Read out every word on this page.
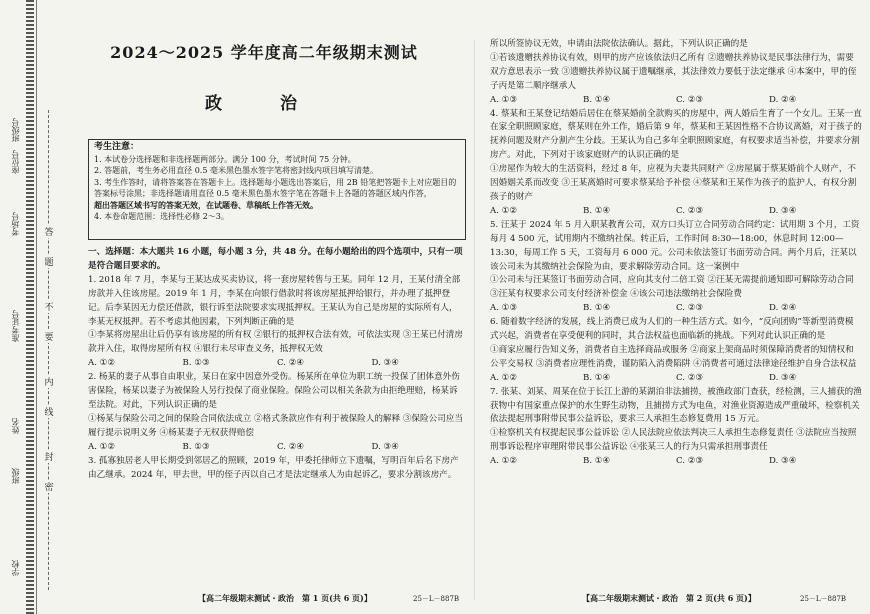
班级号
座位号
考场号
准考证号
姓名
班级
学校
答
题
不
要
内
线
封
密
2024～2025 学年度高二年级期末测试
政 治
考生注意：
1. 本试卷分选择题和非选择题两部分。满分 100 分，考试时间 75 分钟。
2. 答题前，考生务必用直径 0.5 毫米黑色墨水签字笔将密封线内项目填写清楚。
3. 考生作答时，请将答案答在答题卡上。选择题每小题选出答案后，用 2B 铅笔把答题卡上对应题目的答案标号涂黑；非选择题请用直径 0.5 毫米黑色墨水签字笔在答题卡上各题的答题区域内作答，
超出答题区域书写的答案无效，在试题卷、草稿纸上作答无效。
4. 本卷命题范围：选择性必修 2～3。

一、选择题：本大题共 16 小题，每小题 3 分，共 48 分。在每小题给出的四个选项中，只有一项是符合题目要求的。

1. 2018 年 7 月，李某与王某达成买卖协议，将一套房屋转售与王某。同年 12 月，王某付清全部房款并入住该房屋。2019 年 1 月，李某在向银行借款时将该房屋抵押给银行，并办理了抵押登记。后李某因无力偿还借款，银行诉至法院要求实现抵押权。王某认为自己是房屋的实际所有人，李某无权抵押。若不考虑其他因素，下列判断正确的是

①李某将房屋出让后仍享有该房屋的所有权 ②银行的抵押权合法有效，可依法实现 ③王某已付清房款并入住，取得房屋所有权 ④银行未尽审查义务，抵押权无效

A. ①②	B. ①③	C. ②④	D. ③④

2. 杨某的妻子从事自由职业，某日在家中因意外受伤。杨某所在单位为职工统一投保了团体意外伤害保险，杨某以妻子为被保险人另行投保了商业保险。保险公司以相关条款为由拒绝理赔，杨某诉至法院。对此，下列认识正确的是

①杨某与保险公司之间的保险合同依法成立 ②格式条款应作有利于被保险人的解释 ③保险公司应当履行提示说明义务 ④杨某妻子无权获得赔偿

A. ①②	B. ①③	C. ②④	D. ③④

3. 孤寡独居老人甲长期受到邻居乙的照顾，2019 年，甲委托律师立下遗嘱，写明百年后名下房产由乙继承。2024 年，甲去世，甲的侄子丙以自己才是法定继承人为由起诉乙，要求分割该房产。

【高二年级期末测试・政治　第 1 页(共 6 页)】	25－L－887B

所以所签协议无效，申请由法院依法确认。据此，下列认识正确的是

①若该遗赠扶养协议有效，则甲的房产应该依法归乙所有 ②遗赠扶养协议是民事法律行为，需要双方意思表示一致 ③遗赠扶养协议属于遗嘱继承，其法律效力要低于法定继承 ④本案中，甲的侄子丙是第二顺序继承人

A. ①③	B. ①④	C. ②③	D. ②④

4. 蔡某和王某登记结婚后居住在蔡某婚前全款购买的房屋中，两人婚后生育了一个女儿。王某一直在家全职照顾家庭，蔡某则在外工作，婚后第 9 年，蔡某和王某因性格不合协议离婚，对于孩子的抚养问题及财产分割产生分歧。王某认为自己多年全职照顾家庭，有权要求适当补偿，并要求分割房产。对此，下列对于该家庭财产的认识正确的是

①房屋作为较大的生活资料，经过 8 年，应视为夫妻共同财产 ②房屋属于蔡某婚前个人财产，不因婚姻关系而改变 ③王某离婚时可要求蔡某给予补偿 ④蔡某和王某作为孩子的监护人，有权分割孩子的财产

A. ①②	B. ①④	C. ②③	D. ③④

5. 汪某于 2024 年 5 月入职某教育公司，双方口头订立合同劳动合同约定：试用期 3 个月，工资每月 4 500 元，试用期内不缴纳社保。转正后，工作时间 8:30—18:00，休息时间 12:00—13:30，每周工作 5 天，工资每月 6 000 元。公司未依法签订书面劳动合同。两个月后，汪某以该公司未为其缴纳社会保险为由，要求解除劳动合同。这一案例中

①公司未与汪某签订书面劳动合同，应向其支付二倍工资 ②汪某无需提前通知即可解除劳动合同 ③汪某有权要求公司支付经济补偿金 ④该公司违法缴纳社会保险费

A. ①③	B. ①④	C. ②③	D. ②④

6. 随着数字经济的发展，线上消费已成为人们的一种生活方式。如今，“反向团购”等新型消费模式兴起，消费者在享受便利的同时，其合法权益也面临新的挑战。下列对此认识正确的是

①商家应履行告知义务，消费者自主选择商品或服务 ②商家上架商品时须保障消费者的知情权和公平交易权 ③消费者应理性消费，谨防陷入消费陷阱 ④消费者可通过法律途径维护自身合法权益

A. ①②	B. ①④	C. ②③	D. ③④

7. 张某、刘某、周某在位于长江上游的某湖泊非法捕捞，被渔政部门查获，经检测，三人捕获的渔获物中有国家重点保护的水生野生动物，且捕捞方式为电鱼，对渔业资源造成严重破坏，检察机关依法提起刑事附带民事公益诉讼，要求三人承担生态修复费用 15 万元。

①检察机关有权提起民事公益诉讼 ②人民法院应依法判决三人承担生态修复责任 ③法院应当按照刑事诉讼程序审理附带民事公益诉讼 ④张某三人的行为只需承担刑事责任

A. ①②	B. ①④	C. ②③	D. ③④
【高二年级期末测试・政治　第 2 页(共 6 页)】	25－L－887B
